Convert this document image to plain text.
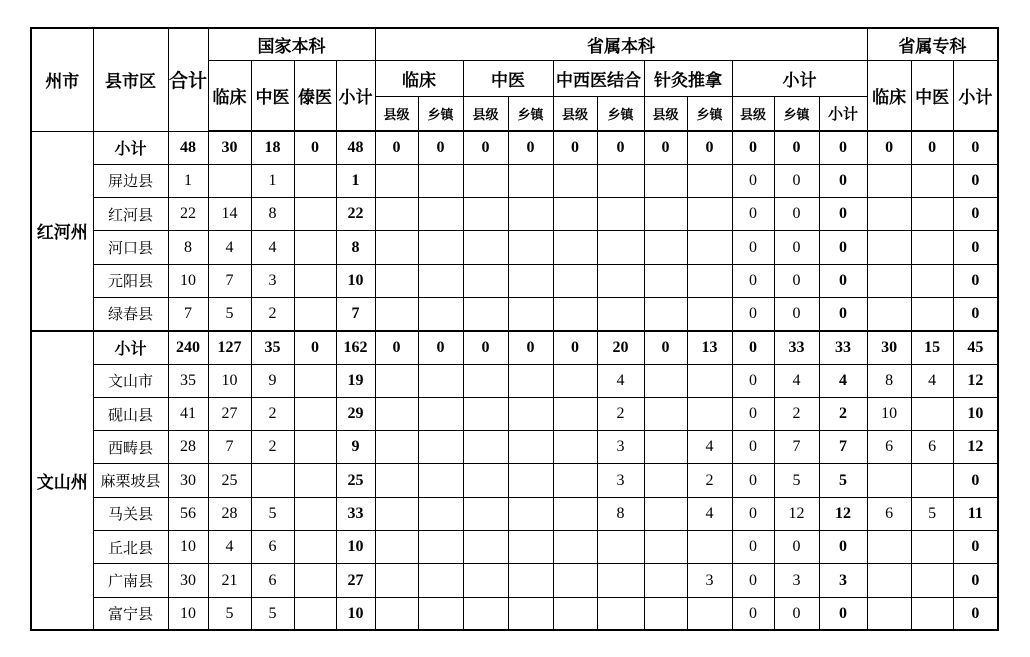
州市	县市区	合计	国家本科				省属本科											省属专科		
			临床	中医	傣医	小计	临床		中医		中西医结合		针灸推拿		小计			临床	中医	小计
							县级	乡镇	县级	乡镇	县级	乡镇	县级	乡镇	县级	乡镇	小计			
红河州	小计	48	30	18	0	48	0	0	0	0	0	0	0	0	0	0	0	0	0	0
	屏边县	1		1		1									0	0	0			0
	红河县	22	14	8		22									0	0	0			0
	河口县	8	4	4		8									0	0	0			0
	元阳县	10	7	3		10									0	0	0			0
	绿春县	7	5	2		7									0	0	0			0
文山州	小计	240	127	35	0	162	0	0	0	0	0	20	0	13	0	33	33	30	15	45
	文山市	35	10	9		19						4			0	4	4	8	4	12
	砚山县	41	27	2		29						2			0	2	2	10		10
	西畴县	28	7	2		9						3		4	0	7	7	6	6	12
	麻栗坡县	30	25			25						3		2	0	5	5			0
	马关县	56	28	5		33						8		4	0	12	12	6	5	11
	丘北县	10	4	6		10									0	0	0			0
	广南县	30	21	6		27								3	0	3	3			0
	富宁县	10	5	5		10									0	0	0			0
